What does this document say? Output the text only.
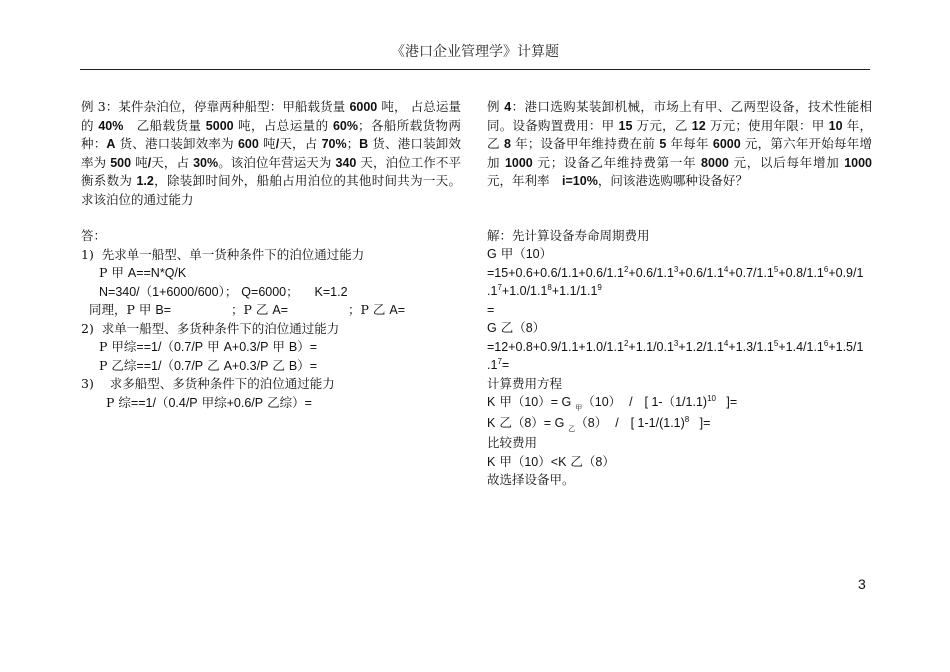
《港口企业管理学》计算题

例 3：某件杂泊位，停靠两种船型：甲船载货量 6000 吨， 占总运量的 40%　乙船载货量 5000 吨，占总运量的 60%；各船所载货物两种：A 货、港口装卸效率为 600 吨/天，占 70%；B 货、港口装卸效率为 500 吨/天，占 30%。该泊位年营运天为 340 天，泊位工作不平衡系数为 1.2，除装卸时间外，船舶占用泊位的其他时间共为一天。求该泊位的通过能力

答：
1)  先求单一船型、单一货种条件下的泊位通过能力
P 甲 A==N*Q/K
N=340/（1+6000/600）； Q=6000；    K=1.2
同理，P 甲 B=	；P 乙 A=	；P 乙 A=
2)  求单一船型、多货种条件下的泊位通过能力
P 甲综==1/（0.7/P 甲 A+0.3/P 甲 B）=
P 乙综==1/（0.7/P 乙 A+0.3/P 乙 B）=
3)    求多船型、多货种条件下的泊位通过能力
P 综==1/（0.4/P 甲综+0.6/P 乙综）=

例 4：港口选购某装卸机械，市场上有甲、乙两型设备，技术性能相同。设备购置费用：甲 15 万元，乙 12 万元；使用年限：甲 10 年，乙 8 年；设备甲年维持费在前 5 年每年 6000 元，第六年开始每年增加 1000 元；设备乙年维持费第一年 8000 元，以后每年增加 1000 元，年利率　i=10%，问该港选购哪种设备好？

解：先计算设备寿命周期费用
G 甲（10）
$=15+0.6+0.6/1.1+0.6/1.1^2+0.6/1.1^3+0.6/1.1^4+0.7/1.1^5+0.8/1.1^6+0.9/1$
$.1^7+1.0/1.1^8+1.1/1.1^9$
=
G 乙（8）
$=12+0.8+0.9/1.1+1.0/1.1^2+1.1/0.1^3+1.2/1.1^4+1.3/1.1^5+1.4/1.1^6+1.5/1$
$.1^7=$
计算费用方程
K 甲（10）= G $_甲$（10）  / [ 1-（1/1.1)$^{10}$   ]=
K 乙（8）= G $_乙$（8）  / [ $1-1/(1.1)^8$   ]=
比较费用
K 甲（10）<K 乙（8）
故选择设备甲。
3
